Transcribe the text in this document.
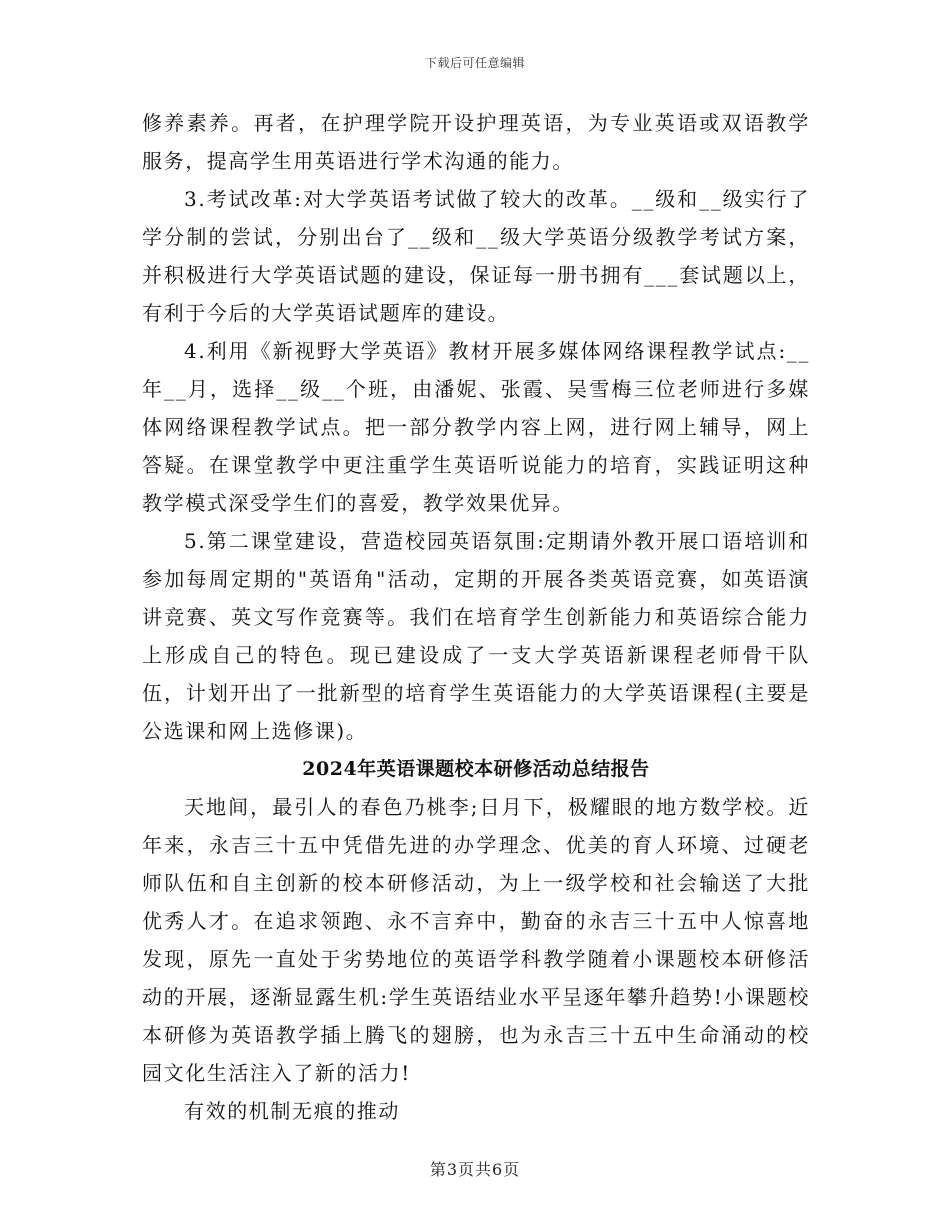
下载后可任意编辑

修养素养。再者，在护理学院开设护理英语，为专业英语或双语教学服务，提高学生用英语进行学术沟通的能力。

3.考试改革:对大学英语考试做了较大的改革。__级和__级实行了学分制的尝试，分别出台了__级和__级大学英语分级教学考试方案，并积极进行大学英语试题的建设，保证每一册书拥有___套试题以上，有利于今后的大学英语试题库的建设。

4.利用《新视野大学英语》教材开展多媒体网络课程教学试点:__年__月，选择__级__个班，由潘妮、张霞、吴雪梅三位老师进行多媒体网络课程教学试点。把一部分教学内容上网，进行网上辅导，网上答疑。在课堂教学中更注重学生英语听说能力的培育，实践证明这种教学模式深受学生们的喜爱，教学效果优异。

5.第二课堂建设，营造校园英语氛围:定期请外教开展口语培训和参加每周定期的"英语角"活动，定期的开展各类英语竞赛，如英语演讲竞赛、英文写作竞赛等。我们在培育学生创新能力和英语综合能力上形成自己的特色。现已建设成了一支大学英语新课程老师骨干队伍，计划开出了一批新型的培育学生英语能力的大学英语课程(主要是公选课和网上选修课)。

2024年英语课题校本研修活动总结报告

天地间，最引人的春色乃桃李;日月下，极耀眼的地方数学校。近年来，永吉三十五中凭借先进的办学理念、优美的育人环境、过硬老师队伍和自主创新的校本研修活动，为上一级学校和社会输送了大批优秀人才。在追求领跑、永不言弃中，勤奋的永吉三十五中人惊喜地发现，原先一直处于劣势地位的英语学科教学随着小课题校本研修活动的开展，逐渐显露生机:学生英语结业水平呈逐年攀升趋势!小课题校本研修为英语教学插上腾飞的翅膀，也为永吉三十五中生命涌动的校园文化生活注入了新的活力!

有效的机制无痕的推动

第3页共6页
